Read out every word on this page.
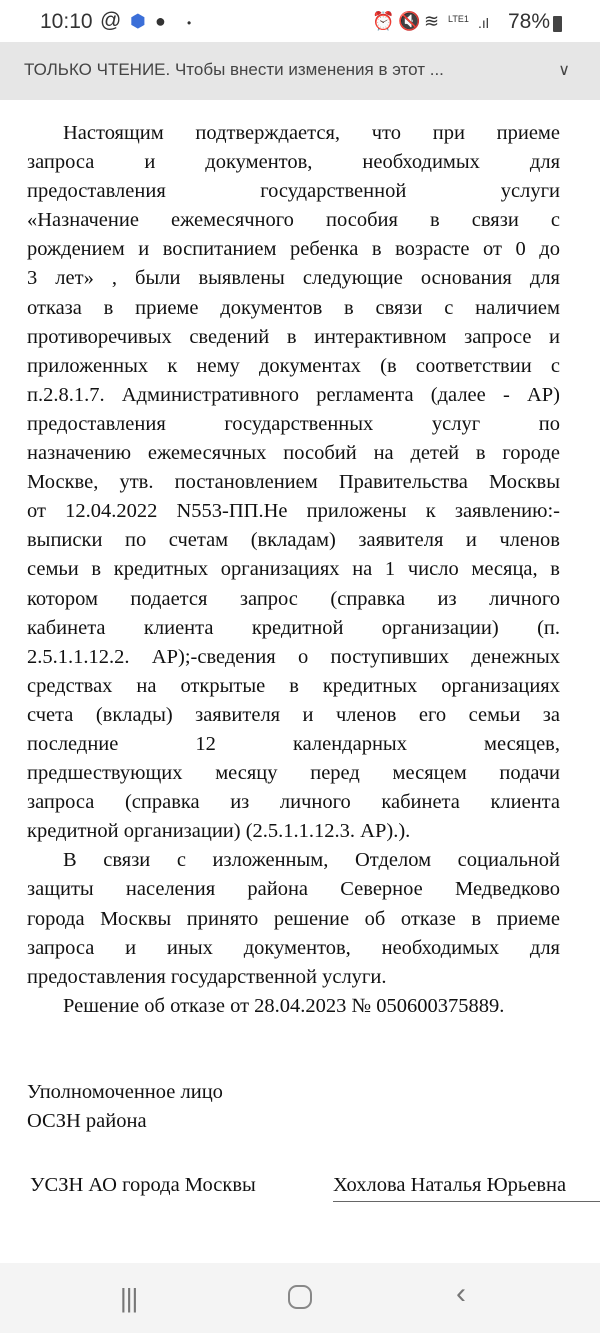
10:10 @ ⬢ ● •	⏰ 🔇 ≋ LTE1 .ıl 78%
ТОЛЬКО ЧТЕНИЕ. Чтобы внести изменения в этот ...	∨
Настоящим подтверждается, что при приеме
запроса и документов, необходимых для
предоставления государственной услуги
«Назначение ежемесячного пособия в связи с
рождением и воспитанием ребенка в возрасте от 0 до
3 лет» , были выявлены следующие основания для
отказа в приеме документов в связи с наличием
противоречивых сведений в интерактивном запросе и
приложенных к нему документах (в соответствии с
п.2.8.1.7. Административного регламента (далее - АР)
предоставления государственных услуг по
назначению ежемесячных пособий на детей в городе
Москве, утв. постановлением Правительства Москвы
от 12.04.2022 N553-ПП.Не приложены к заявлению:-
выписки по счетам (вкладам) заявителя и членов
семьи в кредитных организациях на 1 число месяца, в
котором подается запрос (справка из личного
кабинета клиента кредитной организации) (п.
2.5.1.1.12.2. АР);-сведения о поступивших денежных
средствах на открытые в кредитных организациях
счета (вклады) заявителя и членов его семьи за
последние 12 календарных месяцев,
предшествующих месяцу перед месяцем подачи
запроса (справка из личного кабинета клиента
кредитной организации) (2.5.1.1.12.3. АР).).
В связи с изложенным, Отделом социальной
защиты населения района Северное Медведково
города Москвы принято решение об отказе в приеме
запроса и иных документов, необходимых для
предоставления государственной услуги.
Решение об отказе от 28.04.2023 № 050600375889.
Уполномоченное лицо
ОСЗН района
УСЗН АО города Москвы	Хохлова Наталья Юрьевна
|||	‹
